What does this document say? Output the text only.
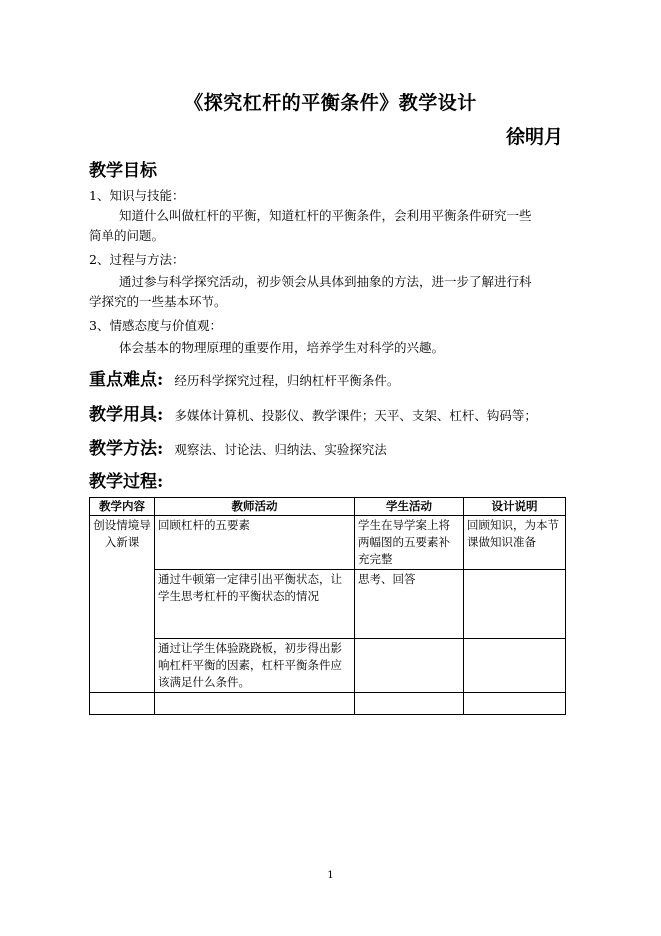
《探究杠杆的平衡条件》教学设计
徐明月
教学目标
1、知识与技能：
知道什么叫做杠杆的平衡，知道杠杆的平衡条件，会利用平衡条件研究一些
简单的问题。
2、过程与方法：
通过参与科学探究活动，初步领会从具体到抽象的方法，进一步了解进行科
学探究的一些基本环节。
3、情感态度与价值观：
体会基本的物理原理的重要作用，培养学生对科学的兴趣。
重点难点: 经历科学探究过程，归纳杠杆平衡条件。
教学用具: 多媒体计算机、投影仪、教学课件；天平、支架、杠杆、钩码等；
教学方法: 观察法、讨论法、归纳法、实验探究法
教学过程:
教学内容	教师活动	学生活动	设计说明
创设情境导入新课	回顾杠杆的五要素	学生在导学案上将两幅图的五要素补充完整	回顾知识，为本节课做知识准备
	通过牛顿第一定律引出平衡状态，让学生思考杠杆的平衡状态的情况	思考、回答	
	通过让学生体验跷跷板，初步得出影响杠杆平衡的因素，杠杆平衡条件应该满足什么条件。		

1
